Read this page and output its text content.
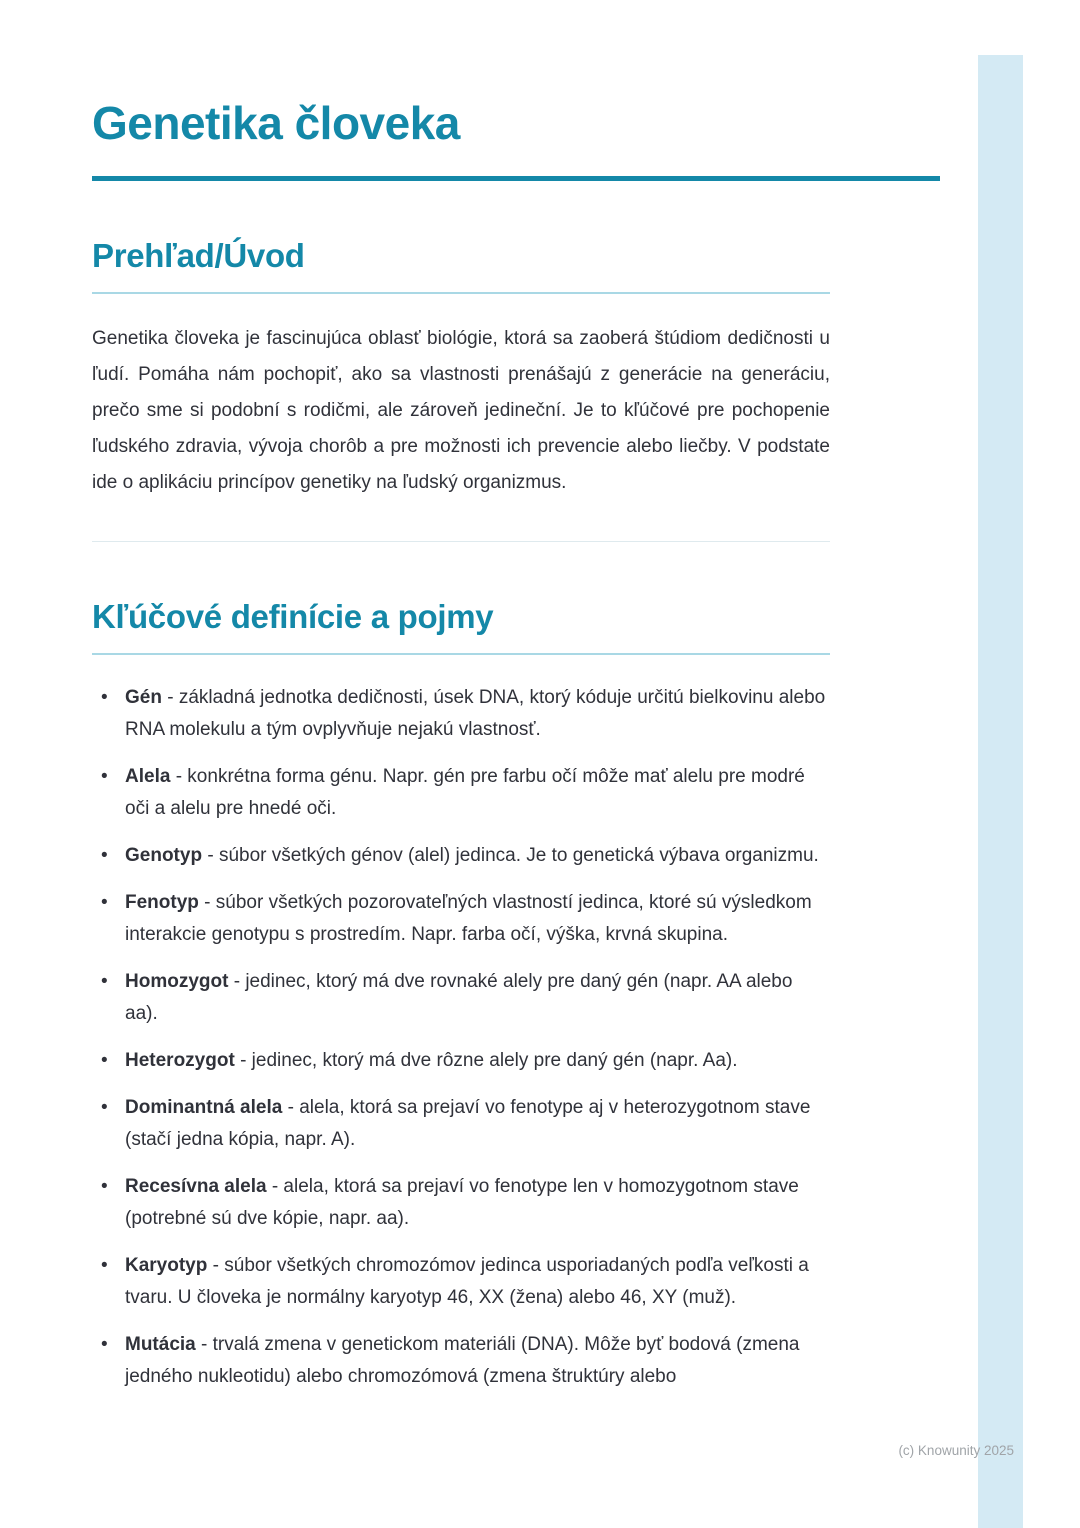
Genetika človeka
Prehľad/Úvod

Genetika človeka je fascinujúca oblasť biológie, ktorá sa zaoberá štúdiom dedičnosti u ľudí. Pomáha nám pochopiť, ako sa vlastnosti prenášajú z generácie na generáciu, prečo sme si podobní s rodičmi, ale zároveň jedineční. Je to kľúčové pre pochopenie ľudského zdravia, vývoja chorôb a pre možnosti ich prevencie alebo liečby. V podstate ide o aplikáciu princípov genetiky na ľudský organizmus.

Kľúčové definície a pojmy
• Gén - základná jednotka dedičnosti, úsek DNA, ktorý kóduje určitú bielkovinu alebo RNA molekulu a tým ovplyvňuje nejakú vlastnosť.
• Alela - konkrétna forma génu. Napr. gén pre farbu očí môže mať alelu pre modré oči a alelu pre hnedé oči.
• Genotyp - súbor všetkých génov (alel) jedinca. Je to genetická výbava organizmu.
• Fenotyp - súbor všetkých pozorovateľných vlastností jedinca, ktoré sú výsledkom interakcie genotypu s prostredím. Napr. farba očí, výška, krvná skupina.
• Homozygot - jedinec, ktorý má dve rovnaké alely pre daný gén (napr. AA alebo aa).
• Heterozygot - jedinec, ktorý má dve rôzne alely pre daný gén (napr. Aa).
• Dominantná alela - alela, ktorá sa prejaví vo fenotype aj v heterozygotnom stave (stačí jedna kópia, napr. A).
• Recesívna alela - alela, ktorá sa prejaví vo fenotype len v homozygotnom stave (potrebné sú dve kópie, napr. aa).
• Karyotyp - súbor všetkých chromozómov jedinca usporiadaných podľa veľkosti a tvaru. U človeka je normálny karyotyp 46, XX (žena) alebo 46, XY (muž).
• Mutácia - trvalá zmena v genetickom materiáli (DNA). Môže byť bodová (zmena jedného nukleotidu) alebo chromozómová (zmena štruktúry alebo
(c) Knowunity 2025
